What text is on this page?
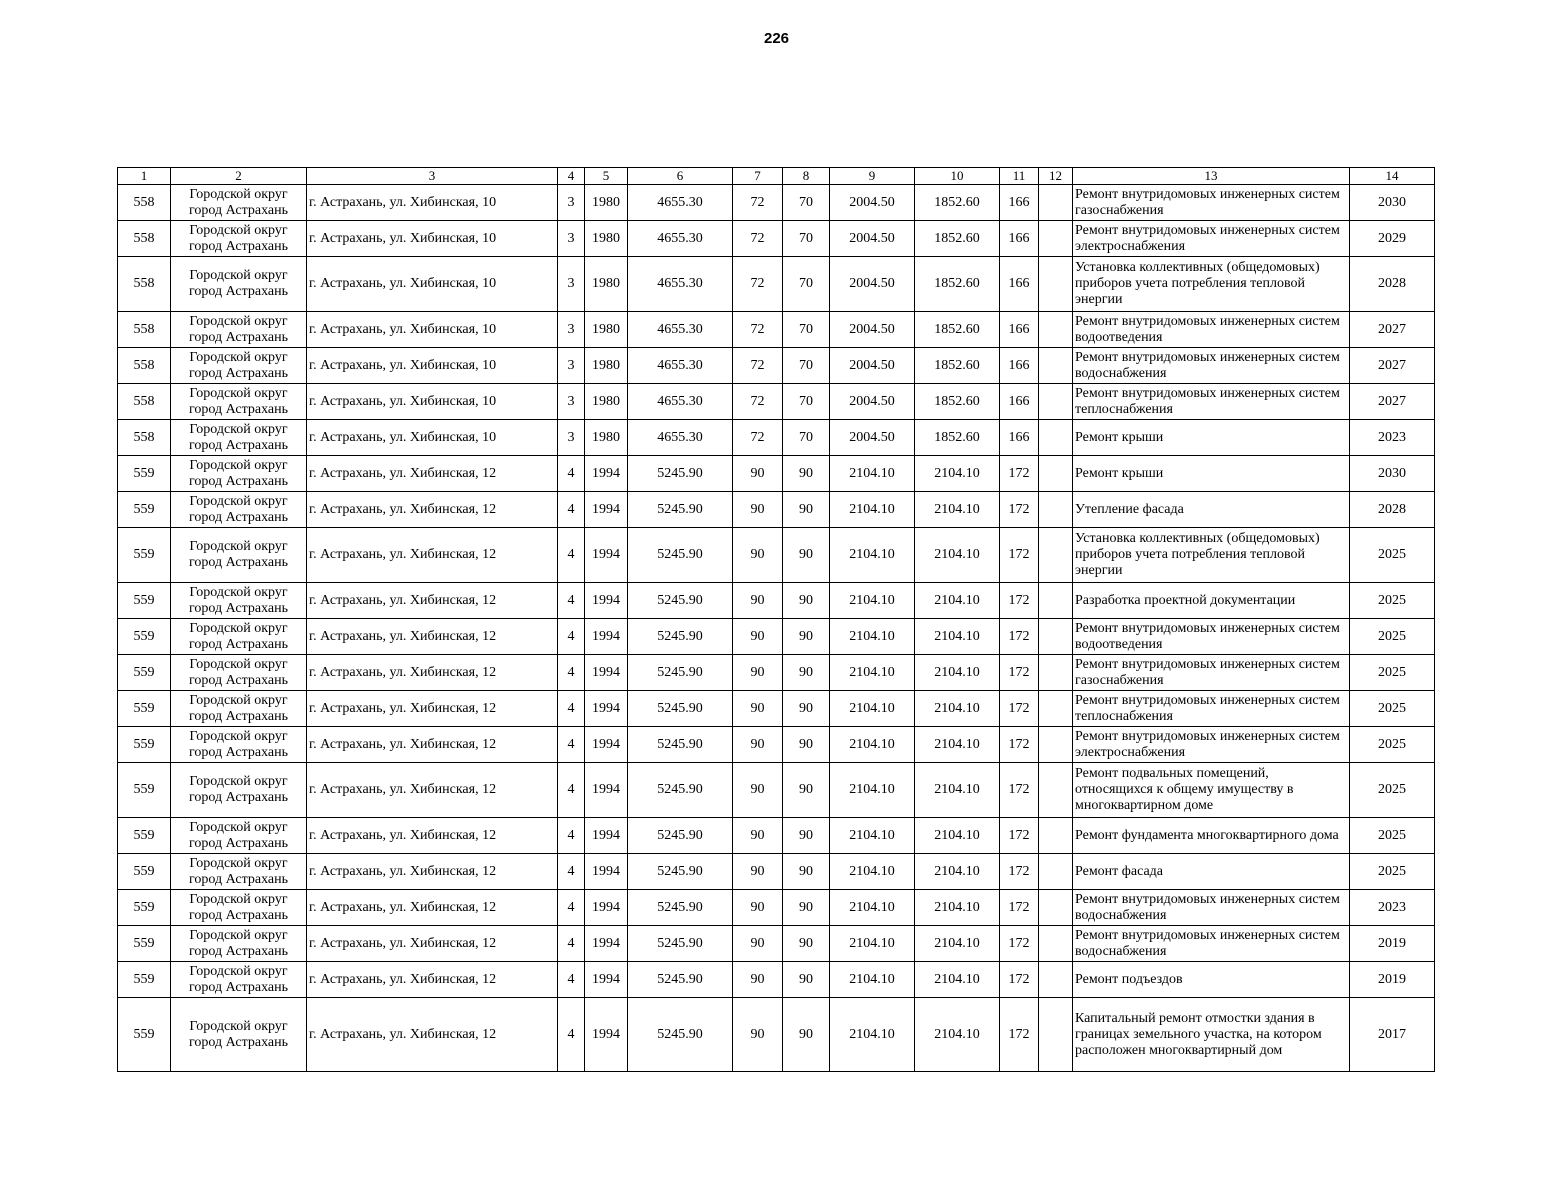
226
1	2	3	4	5	6	7	8	9	10	11	12	13	14
558	Городской округ город Астрахань	г. Астрахань, ул. Хибинская, 10	3	1980	4655.30	72	70	2004.50	1852.60	166		Ремонт внутридомовых инженерных систем газоснабжения	2030
558	Городской округ город Астрахань	г. Астрахань, ул. Хибинская, 10	3	1980	4655.30	72	70	2004.50	1852.60	166		Ремонт внутридомовых инженерных систем электроснабжения	2029
558	Городской округ город Астрахань	г. Астрахань, ул. Хибинская, 10	3	1980	4655.30	72	70	2004.50	1852.60	166		Установка коллективных (общедомовых) приборов учета потребления тепловой энергии	2028
558	Городской округ город Астрахань	г. Астрахань, ул. Хибинская, 10	3	1980	4655.30	72	70	2004.50	1852.60	166		Ремонт внутридомовых инженерных систем водоотведения	2027
558	Городской округ город Астрахань	г. Астрахань, ул. Хибинская, 10	3	1980	4655.30	72	70	2004.50	1852.60	166		Ремонт внутридомовых инженерных систем водоснабжения	2027
558	Городской округ город Астрахань	г. Астрахань, ул. Хибинская, 10	3	1980	4655.30	72	70	2004.50	1852.60	166		Ремонт внутридомовых инженерных систем теплоснабжения	2027
558	Городской округ город Астрахань	г. Астрахань, ул. Хибинская, 10	3	1980	4655.30	72	70	2004.50	1852.60	166		Ремонт крыши	2023
559	Городской округ город Астрахань	г. Астрахань, ул. Хибинская, 12	4	1994	5245.90	90	90	2104.10	2104.10	172		Ремонт крыши	2030
559	Городской округ город Астрахань	г. Астрахань, ул. Хибинская, 12	4	1994	5245.90	90	90	2104.10	2104.10	172		Утепление фасада	2028
559	Городской округ город Астрахань	г. Астрахань, ул. Хибинская, 12	4	1994	5245.90	90	90	2104.10	2104.10	172		Установка коллективных (общедомовых) приборов учета потребления тепловой энергии	2025
559	Городской округ город Астрахань	г. Астрахань, ул. Хибинская, 12	4	1994	5245.90	90	90	2104.10	2104.10	172		Разработка проектной документации	2025
559	Городской округ город Астрахань	г. Астрахань, ул. Хибинская, 12	4	1994	5245.90	90	90	2104.10	2104.10	172		Ремонт внутридомовых инженерных систем водоотведения	2025
559	Городской округ город Астрахань	г. Астрахань, ул. Хибинская, 12	4	1994	5245.90	90	90	2104.10	2104.10	172		Ремонт внутридомовых инженерных систем газоснабжения	2025
559	Городской округ город Астрахань	г. Астрахань, ул. Хибинская, 12	4	1994	5245.90	90	90	2104.10	2104.10	172		Ремонт внутридомовых инженерных систем теплоснабжения	2025
559	Городской округ город Астрахань	г. Астрахань, ул. Хибинская, 12	4	1994	5245.90	90	90	2104.10	2104.10	172		Ремонт внутридомовых инженерных систем электроснабжения	2025
559	Городской округ город Астрахань	г. Астрахань, ул. Хибинская, 12	4	1994	5245.90	90	90	2104.10	2104.10	172		Ремонт подвальных помещений, относящихся к общему имуществу в многоквартирном доме	2025
559	Городской округ город Астрахань	г. Астрахань, ул. Хибинская, 12	4	1994	5245.90	90	90	2104.10	2104.10	172		Ремонт фундамента многоквартирного дома	2025
559	Городской округ город Астрахань	г. Астрахань, ул. Хибинская, 12	4	1994	5245.90	90	90	2104.10	2104.10	172		Ремонт фасада	2025
559	Городской округ город Астрахань	г. Астрахань, ул. Хибинская, 12	4	1994	5245.90	90	90	2104.10	2104.10	172		Ремонт внутридомовых инженерных систем водоснабжения	2023
559	Городской округ город Астрахань	г. Астрахань, ул. Хибинская, 12	4	1994	5245.90	90	90	2104.10	2104.10	172		Ремонт внутридомовых инженерных систем водоснабжения	2019
559	Городской округ город Астрахань	г. Астрахань, ул. Хибинская, 12	4	1994	5245.90	90	90	2104.10	2104.10	172		Ремонт подъездов	2019
559	Городской округ город Астрахань	г. Астрахань, ул. Хибинская, 12	4	1994	5245.90	90	90	2104.10	2104.10	172		Капитальный ремонт отмостки здания в границах земельного участка, на котором расположен многоквартирный дом	2017
